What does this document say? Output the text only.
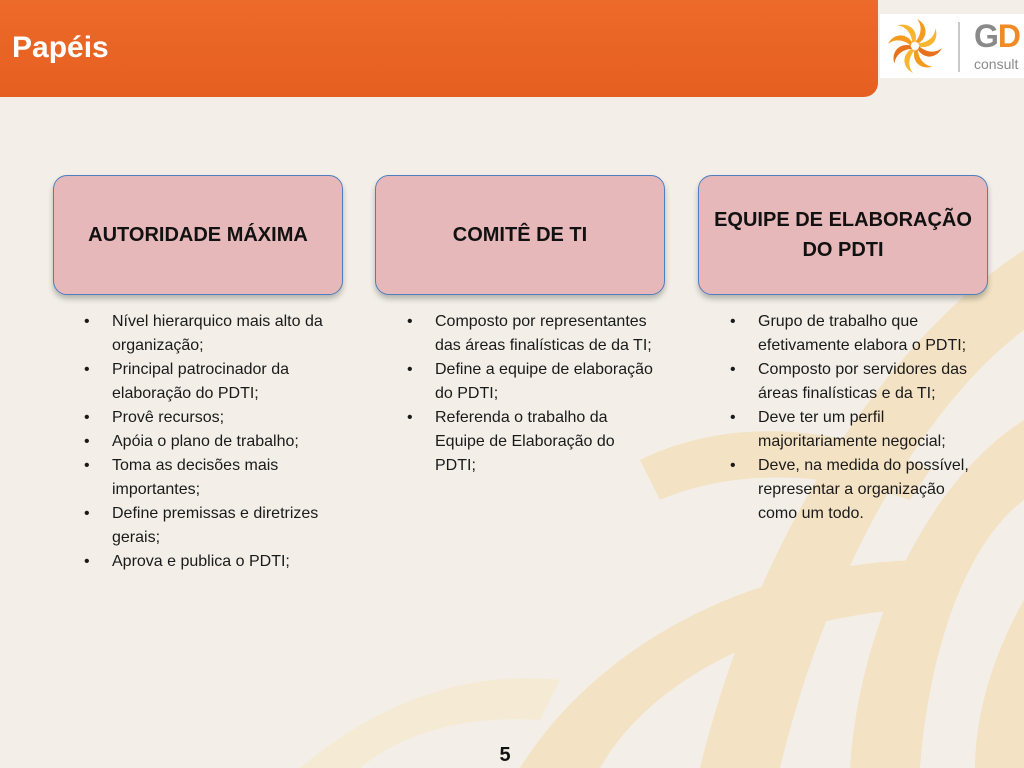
Papéis	GD
consult
AUTORIDADE MÁXIMA
• Nível hierarquico mais alto da organização;
• Principal patrocinador da elaboração do PDTI;
• Provê recursos;
• Apóia o plano de trabalho;
• Toma as decisões mais importantes;
• Define premissas e diretrizes gerais;
• Aprova e publica o PDTI;
COMITÊ DE TI
• Composto por representantes das áreas finalísticas de da TI;
• Define a equipe de elaboração do PDTI;
• Referenda o trabalho da Equipe de Elaboração do PDTI;
EQUIPE DE ELABORAÇÃO DO PDTI
• Grupo de trabalho que efetivamente elabora o PDTI;
• Composto por servidores das áreas finalísticas e da TI;
• Deve ter um perfil majoritariamente negocial;
• Deve, na medida do possível, representar a organização como um todo.
5
